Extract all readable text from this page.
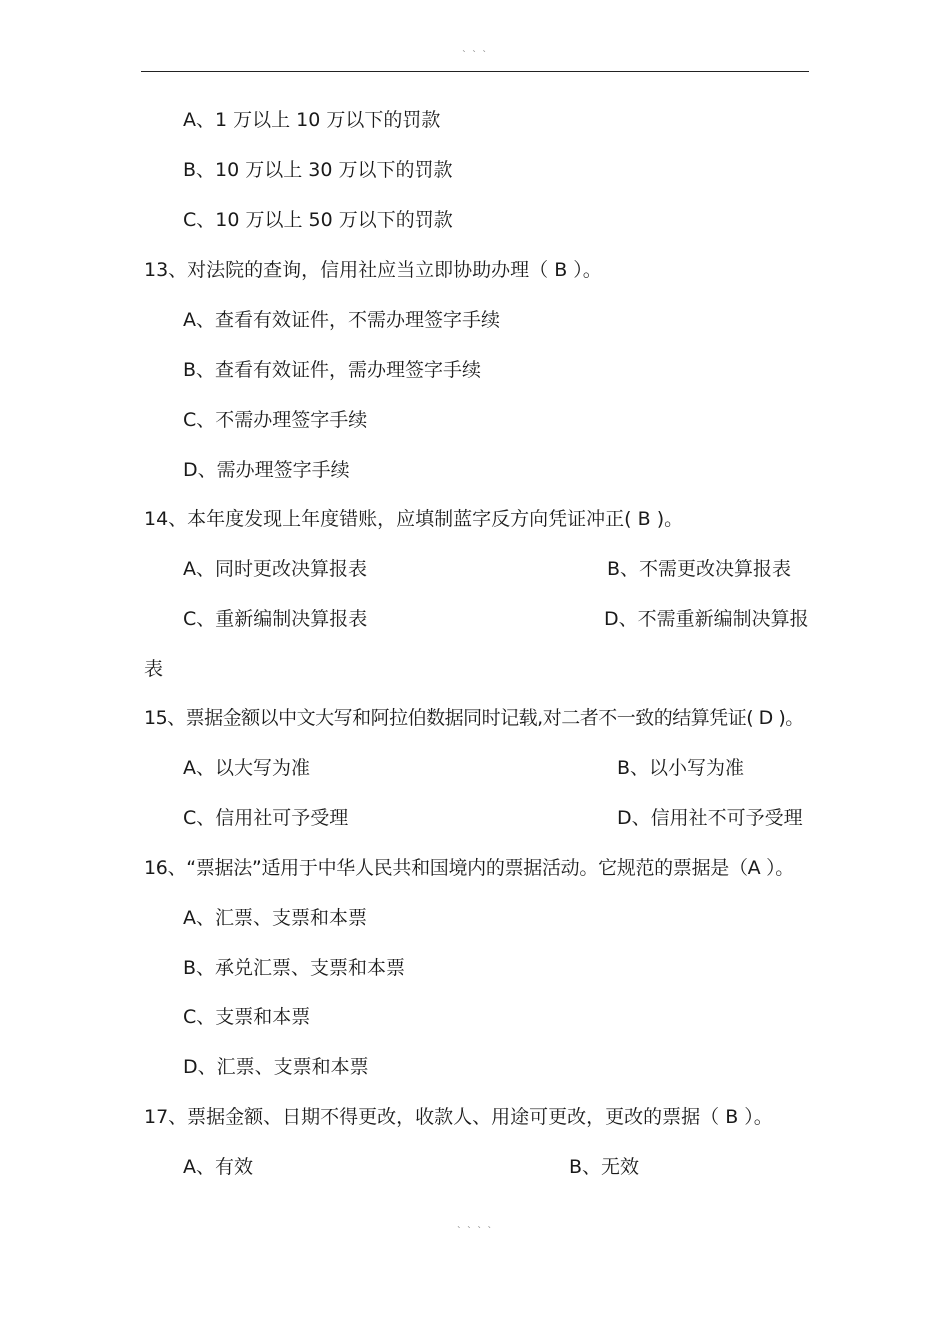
` ` `
A、1 万以上 10 万以下的罚款
B、10 万以上 30 万以下的罚款
C、10 万以上 50 万以下的罚款
13、对法院的查询，信用社应当立即协助办理（ B ）。
A、查看有效证件，不需办理签字手续
B、查看有效证件，需办理签字手续
C、不需办理签字手续
D、需办理签字手续
14、本年度发现上年度错账，应填制蓝字反方向凭证冲正( B )。
A、同时更改决算报表	B、不需更改决算报表
C、重新编制决算报表	D、不需重新编制决算报
表
15、票据金额以中文大写和阿拉伯数据同时记载,对二者不一致的结算凭证( D )。
A、以大写为准	B、以小写为准
C、信用社可予受理	D、信用社不可予受理
16、“票据法”适用于中华人民共和国境内的票据活动。它规范的票据是（A ）。
A、汇票、支票和本票
B、承兑汇票、支票和本票
C、支票和本票
D、汇票、支票和本票
17、票据金额、日期不得更改，收款人、用途可更改，更改的票据（ B ）。
A、有效	B、无效
` ` ` `
